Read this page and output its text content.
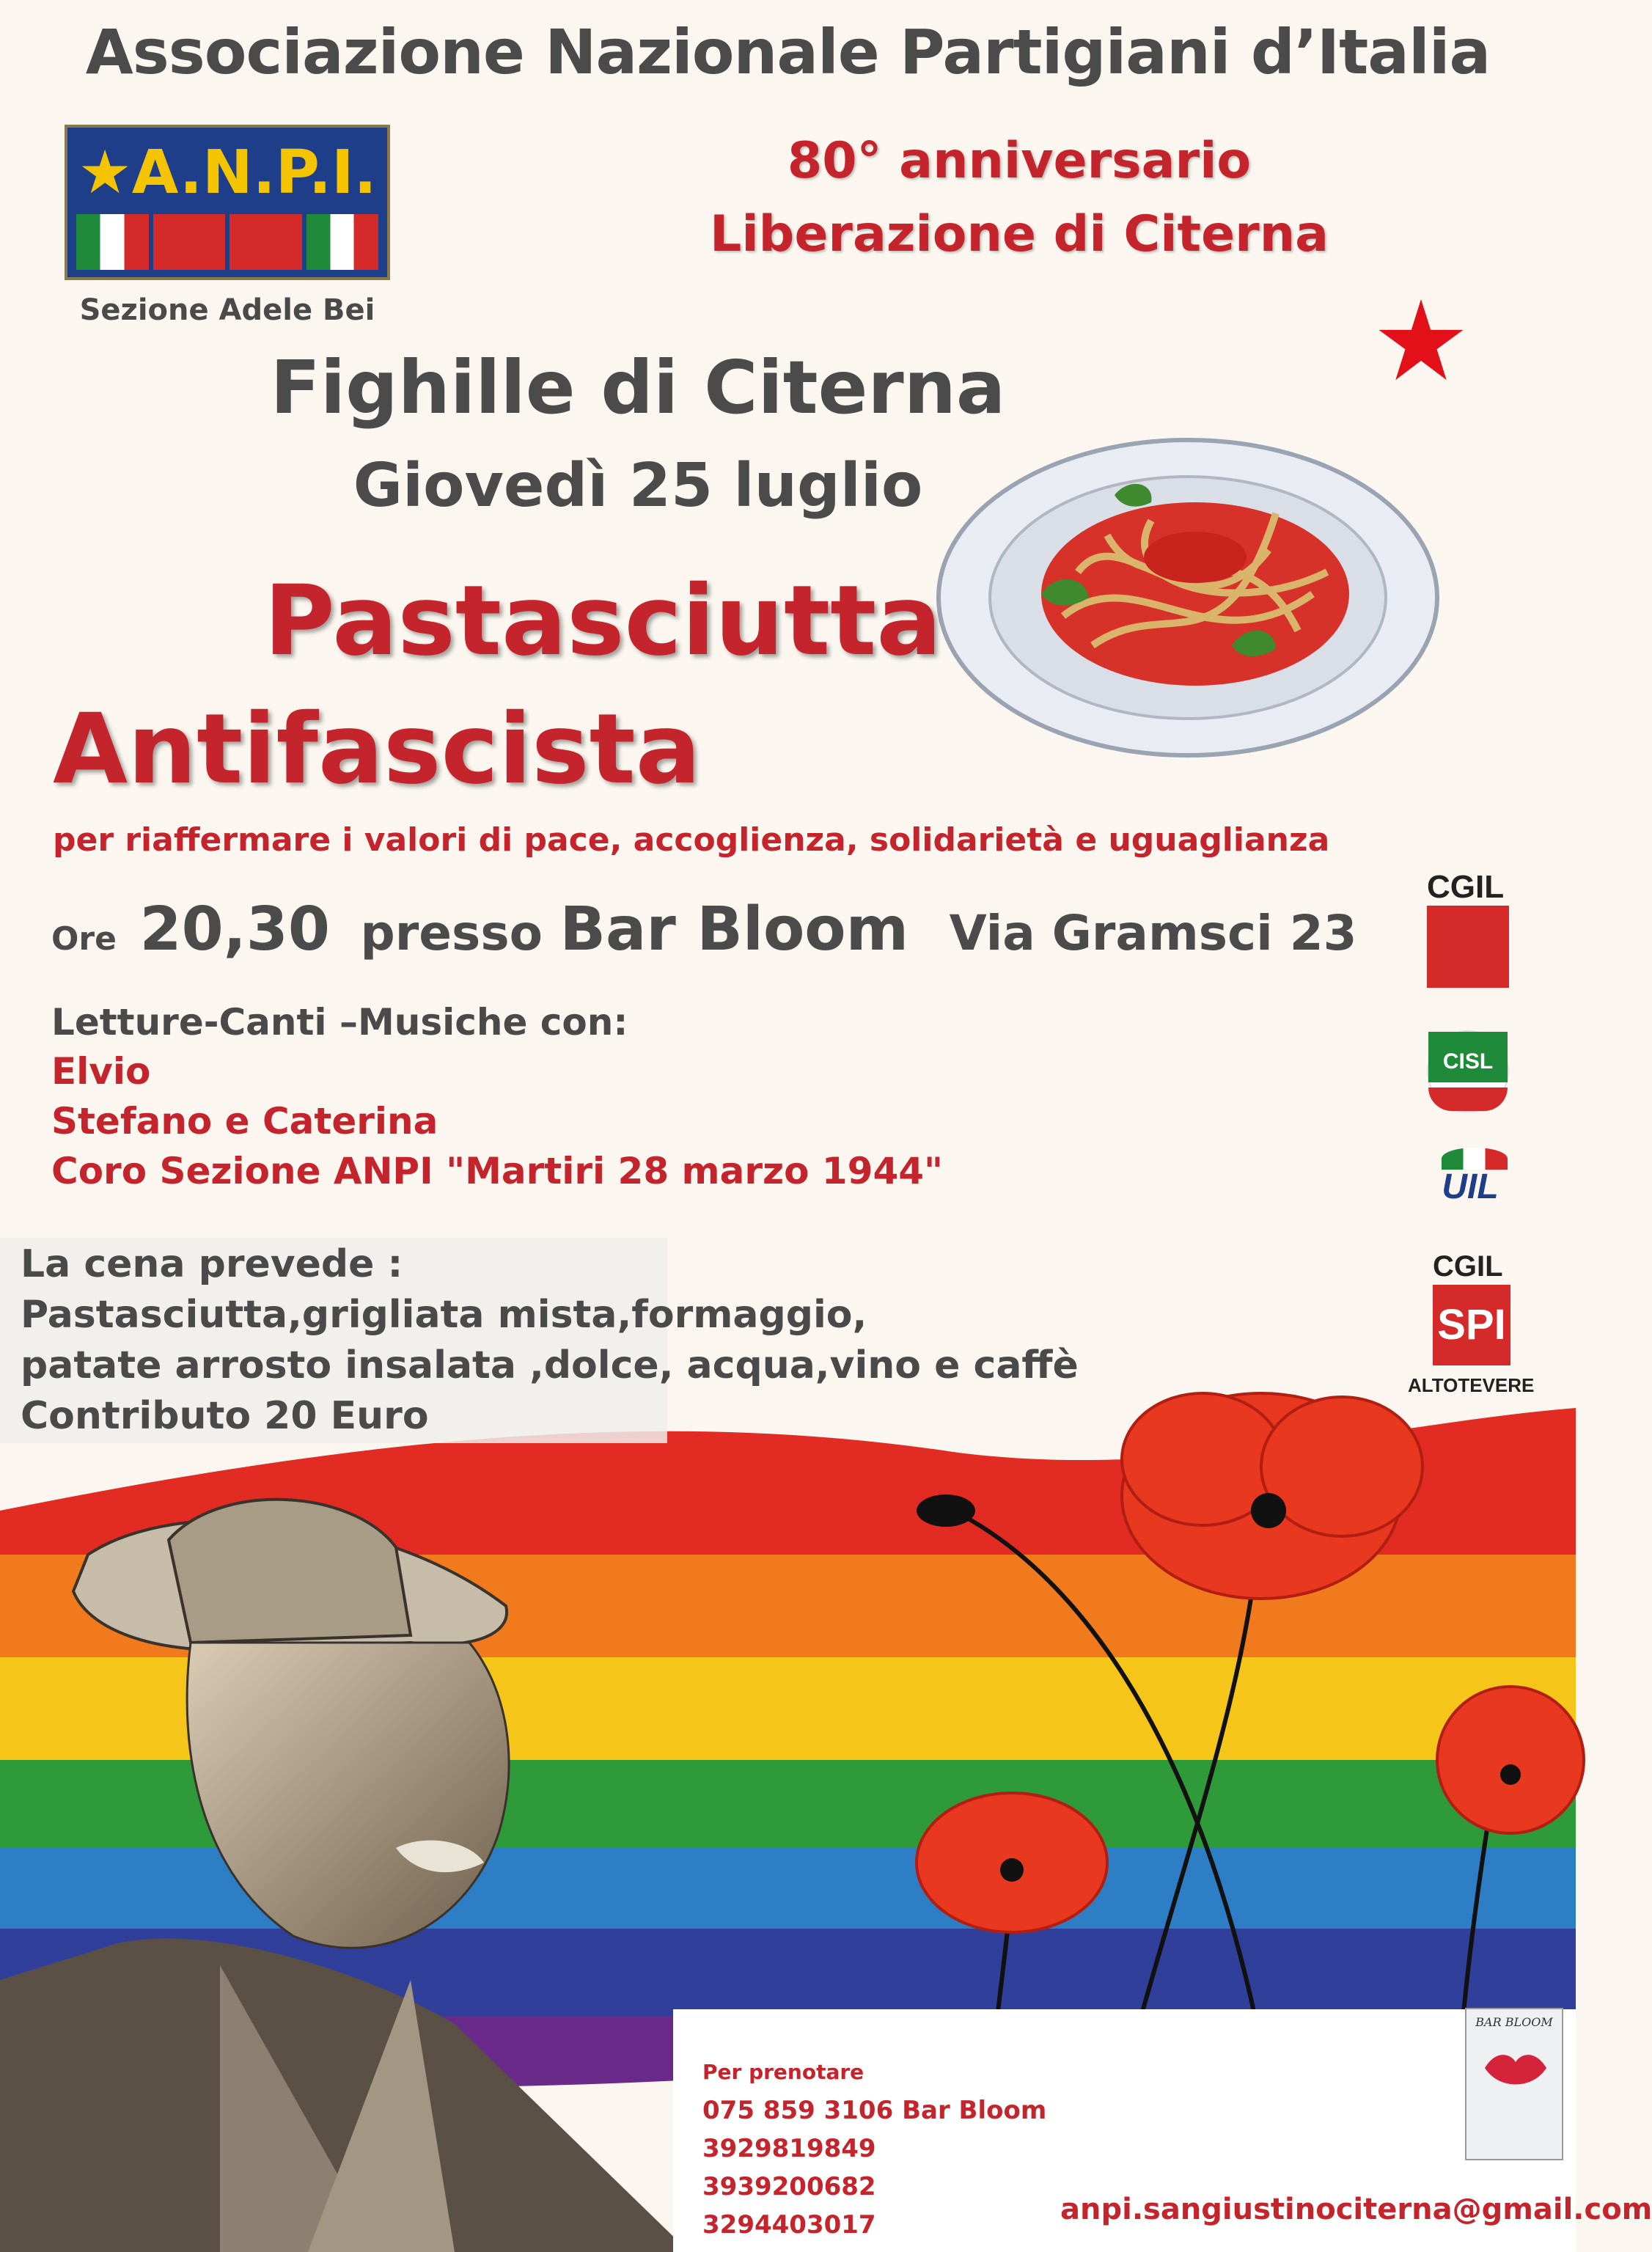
Associazione Nazionale Partigiani d’Italia
★A.N.P.I.
Sezione Adele Bei
80° anniversario
Liberazione di Citerna
Fighille di Citerna
Giovedì 25 luglio
Pastasciutta
Antifascista
per riaffermare i valori di pace, accoglienza, solidarietà e uguaglianza
Ore 20,30 presso Bar Bloom Via Gramsci 23
Letture-Canti –Musiche con:
Elvio
Stefano e Caterina
Coro Sezione ANPI "Martiri 28 marzo 1944"
CGIL
CISL
UIL
CGIL
SPI
ALTOTEVERE
La cena prevede :
Pastasciutta,grigliata mista,formaggio,
patate arrosto insalata ,dolce, acqua,vino e caffè
Contributo 20 Euro
Per prenotare
075 859 3106 Bar Bloom
3929819849
3939200682
3294403017
BAR BLOOM
anpi.sangiustinociterna@gmail.com
